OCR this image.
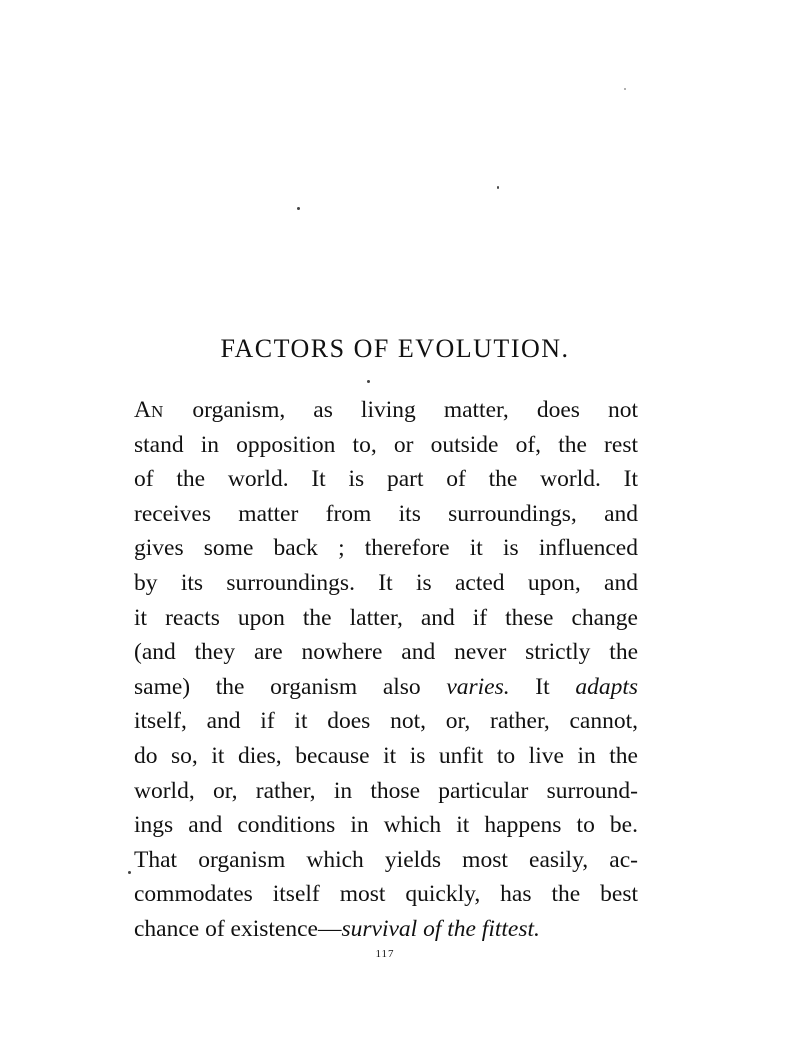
FACTORS OF EVOLUTION.
AN organism, as living matter, does not
stand in opposition to, or outside of, the rest
of the world. It is part of the world. It
receives matter from its surroundings, and
gives some back ; therefore it is influenced
by its surroundings. It is acted upon, and
it reacts upon the latter, and if these change
(and they are nowhere and never strictly the
same) the organism also varies. It adapts
itself, and if it does not, or, rather, cannot,
do so, it dies, because it is unfit to live in the
world, or, rather, in those particular surround-
ings and conditions in which it happens to be.
That organism which yields most easily, ac-
commodates itself most quickly, has the best
chance of existence—survival of the fittest.
117
